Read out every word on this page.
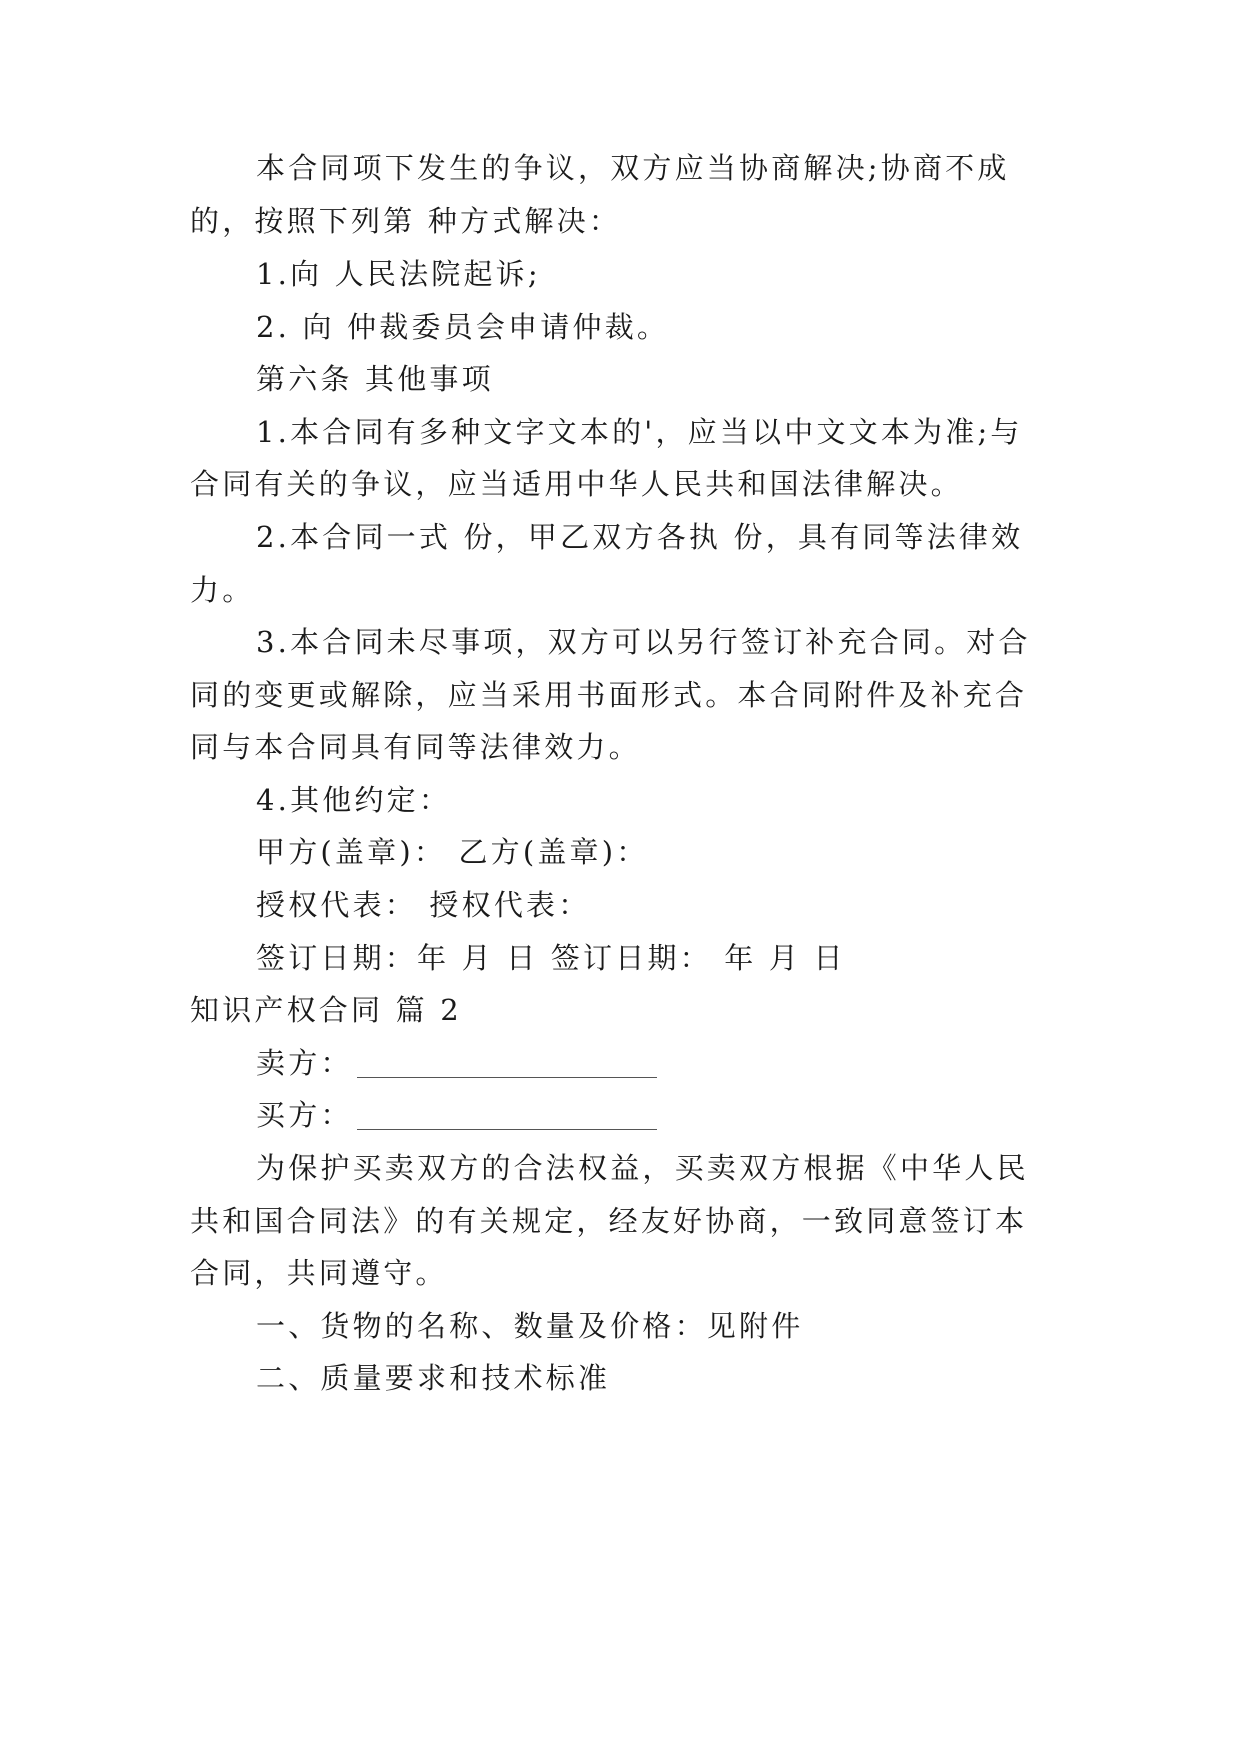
本合同项下发生的争议，双方应当协商解决;协商不成
的，按照下列第 种方式解决：
1.向 人民法院起诉;
2. 向 仲裁委员会申请仲裁。
第六条 其他事项
1.本合同有多种文字文本的'，应当以中文文本为准;与
合同有关的争议，应当适用中华人民共和国法律解决。
2.本合同一式 份，甲乙双方各执 份，具有同等法律效
力。
3.本合同未尽事项，双方可以另行签订补充合同。对合
同的变更或解除，应当采用书面形式。本合同附件及补充合
同与本合同具有同等法律效力。
4.其他约定：
甲方(盖章)： 乙方(盖章)：
授权代表： 授权代表：
签订日期：年 月 日 签订日期： 年 月 日
知识产权合同 篇 2
卖方：
买方：
为保护买卖双方的合法权益，买卖双方根据《中华人民
共和国合同法》的有关规定，经友好协商，一致同意签订本
合同，共同遵守。
一、货物的名称、数量及价格：见附件
二、质量要求和技术标准
